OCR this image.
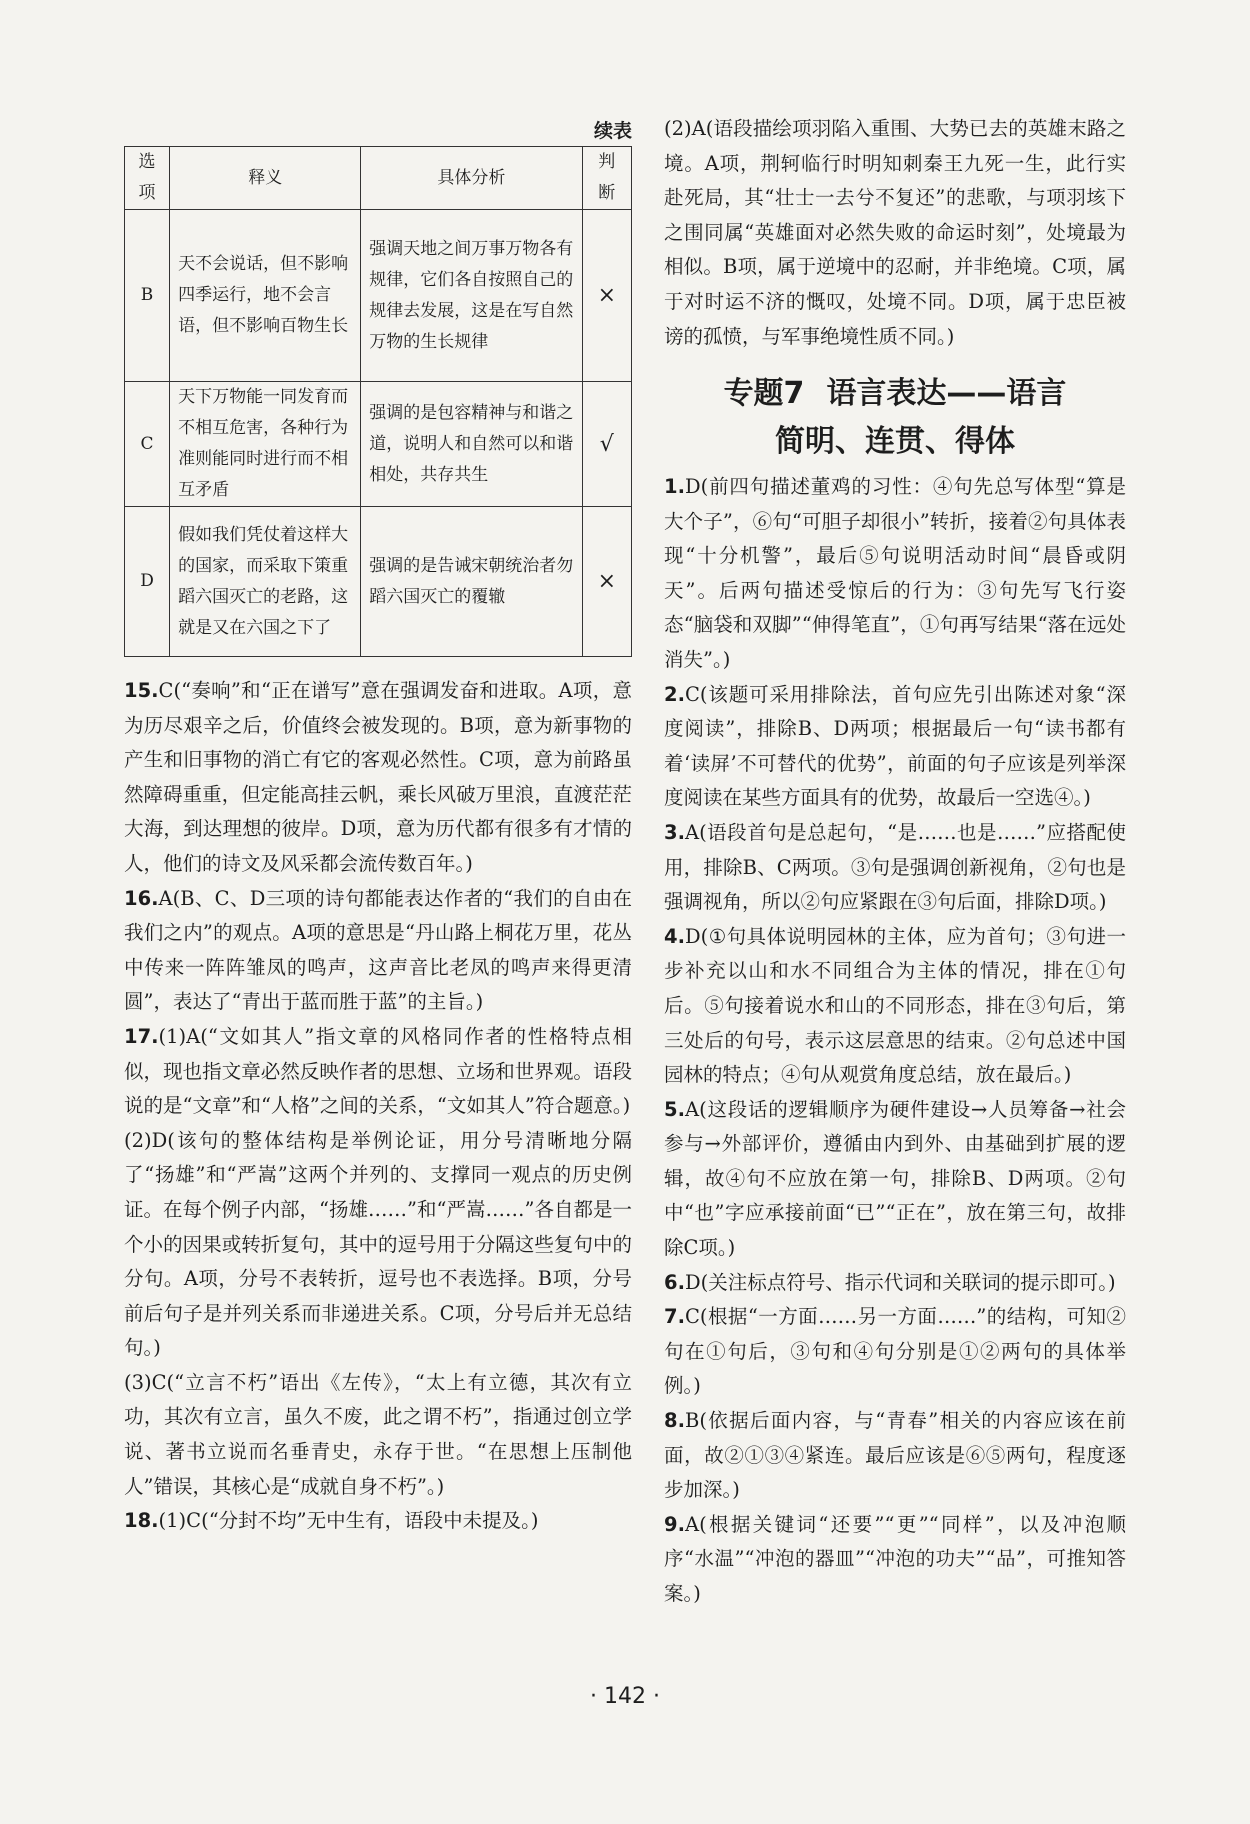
续表
选项	释义	具体分析	判断
B	天不会说话，但不影响四季运行，地不会言语，但不影响百物生长	强调天地之间万事万物各有规律，它们各自按照自己的规律去发展，这是在写自然万物的生长规律	×
C	天下万物能一同发育而不相互危害，各种行为准则能同时进行而不相互矛盾	强调的是包容精神与和谐之道，说明人和自然可以和谐相处，共存共生	√
D	假如我们凭仗着这样大的国家，而采取下策重蹈六国灭亡的老路，这就是又在六国之下了	强调的是告诫宋朝统治者勿蹈六国灭亡的覆辙	×

15.C(“奏响”和“正在谱写”意在强调发奋和进取。A项，意为历尽艰辛之后，价值终会被发现的。B项，意为新事物的产生和旧事物的消亡有它的客观必然性。C项，意为前路虽然障碍重重，但定能高挂云帆，乘长风破万里浪，直渡茫茫大海，到达理想的彼岸。D项，意为历代都有很多有才情的人，他们的诗文及风采都会流传数百年。)

16.A(B、C、D三项的诗句都能表达作者的“我们的自由在我们之内”的观点。A项的意思是“丹山路上桐花万里，花丛中传来一阵阵雏凤的鸣声，这声音比老凤的鸣声来得更清圆”，表达了“青出于蓝而胜于蓝”的主旨。)

17.(1)A(“文如其人”指文章的风格同作者的性格特点相似，现也指文章必然反映作者的思想、立场和世界观。语段说的是“文章”和“人格”之间的关系，“文如其人”符合题意。)

(2)D(该句的整体结构是举例论证，用分号清晰地分隔了“扬雄”和“严嵩”这两个并列的、支撑同一观点的历史例证。在每个例子内部，“扬雄……”和“严嵩……”各自都是一个小的因果或转折复句，其中的逗号用于分隔这些复句中的分句。A项，分号不表转折，逗号也不表选择。B项，分号前后句子是并列关系而非递进关系。C项，分号后并无总结句。)

(3)C(“立言不朽”语出《左传》，“太上有立德，其次有立功，其次有立言，虽久不废，此之谓不朽”，指通过创立学说、著书立说而名垂青史，永存于世。“在思想上压制他人”错误，其核心是“成就自身不朽”。)

18.(1)C(“分封不均”无中生有，语段中未提及。)

(2)A(语段描绘项羽陷入重围、大势已去的英雄末路之境。A项，荆轲临行时明知刺秦王九死一生，此行实赴死局，其“壮士一去兮不复还”的悲歌，与项羽垓下之围同属“英雄面对必然失败的命运时刻”，处境最为相似。B项，属于逆境中的忍耐，并非绝境。C项，属于对时运不济的慨叹，处境不同。D项，属于忠臣被谤的孤愤，与军事绝境性质不同。)

专题7 语言表达——语言
简明、连贯、得体

1.D(前四句描述董鸡的习性：④句先总写体型“算是大个子”，⑥句“可胆子却很小”转折，接着②句具体表现“十分机警”，最后⑤句说明活动时间“晨昏或阴天”。后两句描述受惊后的行为：③句先写飞行姿态“脑袋和双脚”“伸得笔直”，①句再写结果“落在远处消失”。)

2.C(该题可采用排除法，首句应先引出陈述对象“深度阅读”，排除B、D两项；根据最后一句“读书都有着‘读屏’不可替代的优势”，前面的句子应该是列举深度阅读在某些方面具有的优势，故最后一空选④。)

3.A(语段首句是总起句，“是……也是……”应搭配使用，排除B、C两项。③句是强调创新视角，②句也是强调视角，所以②句应紧跟在③句后面，排除D项。)

4.D(①句具体说明园林的主体，应为首句；③句进一步补充以山和水不同组合为主体的情况，排在①句后。⑤句接着说水和山的不同形态，排在③句后，第三处后的句号，表示这层意思的结束。②句总述中国园林的特点；④句从观赏角度总结，放在最后。)

5.A(这段话的逻辑顺序为硬件建设→人员筹备→社会参与→外部评价，遵循由内到外、由基础到扩展的逻辑，故④句不应放在第一句，排除B、D两项。②句中“也”字应承接前面“已”“正在”，放在第三句，故排除C项。)

6.D(关注标点符号、指示代词和关联词的提示即可。)

7.C(根据“一方面……另一方面……”的结构，可知②句在①句后，③句和④句分别是①②两句的具体举例。)

8.B(依据后面内容，与“青春”相关的内容应该在前面，故②①③④紧连。最后应该是⑥⑤两句，程度逐步加深。)

9.A(根据关键词“还要”“更”“同样”，以及冲泡顺序“水温”“冲泡的器皿”“冲泡的功夫”“品”，可推知答案。)

· 142 ·
